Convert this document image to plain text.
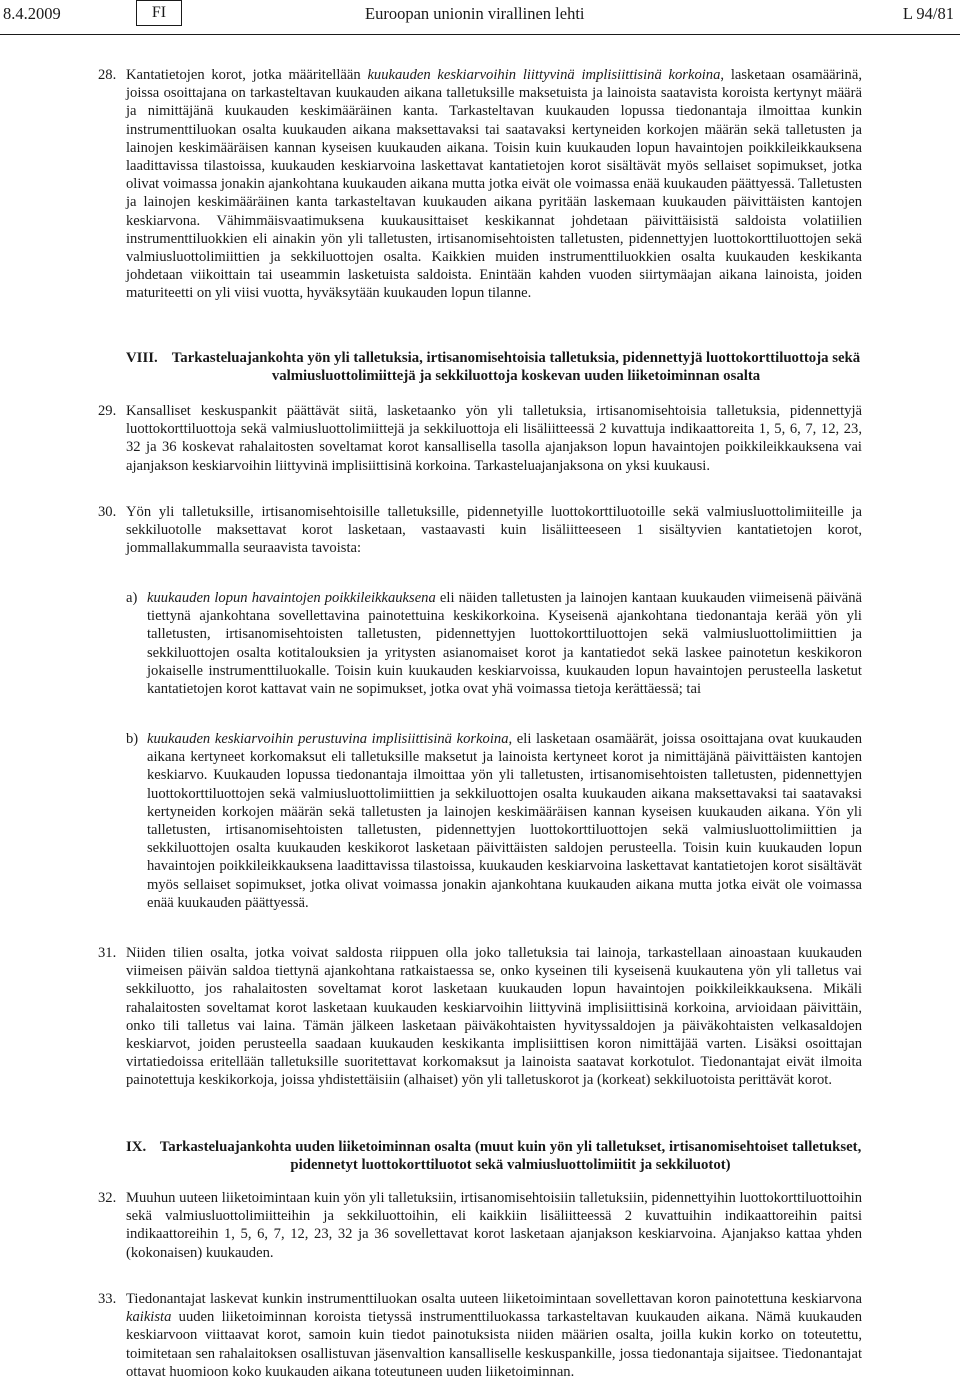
8.4.2009	FI	Euroopan unionin virallinen lehti	L 94/81
28. Kantatietojen korot, jotka määritellään kuukauden keskiarvoihin liittyvinä implisiittisinä korkoina, lasketaan osamäärinä, joissa osoittajana on tarkasteltavan kuukauden aikana talletuksille maksetuista ja lainoista saatavista koroista kertynyt määrä ja nimittäjänä kuukauden keskimääräinen kanta. Tarkasteltavan kuukauden lopussa tiedonantaja ilmoittaa kunkin instrumenttiluokan osalta kuukauden aikana maksettavaksi tai saatavaksi kertyneiden korkojen määrän sekä talletusten ja lainojen keskimääräisen kannan kyseisen kuukauden aikana. Toisin kuin kuukauden lopun havaintojen poikkileikkauksena laadittavissa tilastoissa, kuukauden keskiarvoina laskettavat kantatietojen korot sisältävät myös sellaiset sopimukset, jotka olivat voimassa jonakin ajankohtana kuukauden aikana mutta jotka eivät ole voimassa enää kuukauden päättyessä. Talletusten ja lainojen keskimääräinen kanta tarkasteltavan kuukauden aikana pyritään laskemaan kuukauden päivittäisten kantojen keskiarvona. Vähimmäisvaatimuksena kuukausittaiset keskikannat johdetaan päivittäisistä saldoista volatiilien instrumenttiluokkien eli ainakin yön yli talletusten, irtisanomisehtoisten talletusten, pidennettyjen luottokorttiluottojen sekä valmiusluottolimiittien ja sekkiluottojen osalta. Kaikkien muiden instrumenttiluokkien osalta kuukauden keskikanta johdetaan viikoittain tai useammin lasketuista saldoista. Enintään kahden vuoden siirtymäajan aikana lainoista, joiden maturiteetti on yli viisi vuotta, hyväksytään kuukauden lopun tilanne.

VIII. Tarkasteluajankohta yön yli talletuksia, irtisanomisehtoisia talletuksia, pidennettyjä luottokorttiluottoja sekä valmiusluottolimiittejä ja sekkiluottoja koskevan uuden liiketoiminnan osalta

29. Kansalliset keskuspankit päättävät siitä, lasketaanko yön yli talletuksia, irtisanomisehtoisia talletuksia, pidennettyjä luottokorttiluottoja sekä valmiusluottolimiittejä ja sekkiluottoja eli lisäliitteessä 2 kuvattuja indikaattoreita 1, 5, 6, 7, 12, 23, 32 ja 36 koskevat rahalaitosten soveltamat korot kansallisella tasolla ajanjakson lopun havaintojen poikkileikkauksena vai ajanjakson keskiarvoihin liittyvinä implisiittisinä korkoina. Tarkasteluajanjaksona on yksi kuukausi.

30. Yön yli talletuksille, irtisanomisehtoisille talletuksille, pidennetyille luottokorttiluotoille sekä valmiusluottolimiiteille ja sekkiluotolle maksettavat korot lasketaan, vastaavasti kuin lisäliitteeseen 1 sisältyvien kantatietojen korot, jommallakummalla seuraavista tavoista:

a) kuukauden lopun havaintojen poikkileikkauksena eli näiden talletusten ja lainojen kantaan kuukauden viimeisenä päivänä tiettynä ajankohtana sovellettavina painotettuina keskikorkoina. Kyseisenä ajankohtana tiedonantaja kerää yön yli talletusten, irtisanomisehtoisten talletusten, pidennettyjen luottokorttiluottojen sekä valmiusluottolimiittien ja sekkiluottojen osalta kotitalouksien ja yritysten asianomaiset korot ja kantatiedot sekä laskee painotetun keskikoron jokaiselle instrumenttiluokalle. Toisin kuin kuukauden keskiarvoissa, kuukauden lopun havaintojen perusteella lasketut kantatietojen korot kattavat vain ne sopimukset, jotka ovat yhä voimassa tietoja kerättäessä; tai

b) kuukauden keskiarvoihin perustuvina implisiittisinä korkoina, eli lasketaan osamäärät, joissa osoittajana ovat kuukauden aikana kertyneet korkomaksut eli talletuksille maksetut ja lainoista kertyneet korot ja nimittäjänä päivittäisten kantojen keskiarvo. Kuukauden lopussa tiedonantaja ilmoittaa yön yli talletusten, irtisanomisehtoisten talletusten, pidennettyjen luottokorttiluottojen sekä valmiusluottolimiittien ja sekkiluottojen osalta kuukauden aikana maksettavaksi tai saatavaksi kertyneiden korkojen määrän sekä talletusten ja lainojen keskimääräisen kannan kyseisen kuukauden aikana. Yön yli talletusten, irtisanomisehtoisten talletusten, pidennettyjen luottokorttiluottojen sekä valmiusluottolimiittien ja sekkiluottojen osalta kuukauden keskikorot lasketaan päivittäisten saldojen perusteella. Toisin kuin kuukauden lopun havaintojen poikkileikkauksena laadittavissa tilastoissa, kuukauden keskiarvoina laskettavat kantatietojen korot sisältävät myös sellaiset sopimukset, jotka olivat voimassa jonakin ajankohtana kuukauden aikana mutta jotka eivät ole voimassa enää kuukauden päättyessä.

31. Niiden tilien osalta, jotka voivat saldosta riippuen olla joko talletuksia tai lainoja, tarkastellaan ainoastaan kuukauden viimeisen päivän saldoa tiettynä ajankohtana ratkaistaessa se, onko kyseinen tili kyseisenä kuukautena yön yli talletus vai sekkiluotto, jos rahalaitosten soveltamat korot lasketaan kuukauden lopun havaintojen poikkileikkauksena. Mikäli rahalaitosten soveltamat korot lasketaan kuukauden keskiarvoihin liittyvinä implisiittisinä korkoina, arvioidaan päivittäin, onko tili talletus vai laina. Tämän jälkeen lasketaan päiväkohtaisten hyvityssaldojen ja päiväkohtaisten velkasaldojen keskiarvot, joiden perusteella saadaan kuukauden keskikanta implisiittisen koron nimittäjää varten. Lisäksi osoittajan virtatiedoissa eritellään talletuksille suoritettavat korkomaksut ja lainoista saatavat korkotulot. Tiedonantajat eivät ilmoita painotettuja keskikorkoja, joissa yhdistettäisiin (alhaiset) yön yli talletuskorot ja (korkeat) sekkiluotoista perittävät korot.

IX. Tarkasteluajankohta uuden liiketoiminnan osalta (muut kuin yön yli talletukset, irtisanomisehtoiset talletukset, pidennetyt luottokorttiluotot sekä valmiusluottolimiitit ja sekkiluotot)

32. Muuhun uuteen liiketoimintaan kuin yön yli talletuksiin, irtisanomisehtoisiin talletuksiin, pidennettyihin luottokorttiluottoihin sekä valmiusluottolimiitteihin ja sekkiluottoihin, eli kaikkiin lisäliitteessä 2 kuvattuihin indikaattoreihin paitsi indikaattoreihin 1, 5, 6, 7, 12, 23, 32 ja 36 sovellettavat korot lasketaan ajanjakson keskiarvoina. Ajanjakso kattaa yhden (kokonaisen) kuukauden.

33. Tiedonantajat laskevat kunkin instrumenttiluokan osalta uuteen liiketoimintaan sovellettavan koron painotettuna keskiarvona kaikista uuden liiketoiminnan koroista tietyssä instrumenttiluokassa tarkasteltavan kuukauden aikana. Nämä kuukauden keskiarvoon viittaavat korot, samoin kuin tiedot painotuksista niiden määrien osalta, joilla kukin korko on toteutettu, toimitetaan sen rahalaitoksen osallistuvan jäsenvaltion kansalliselle keskuspankille, jossa tiedonantaja sijaitsee. Tiedonantajat ottavat huomioon koko kuukauden aikana toteutuneen uuden liiketoiminnan.
